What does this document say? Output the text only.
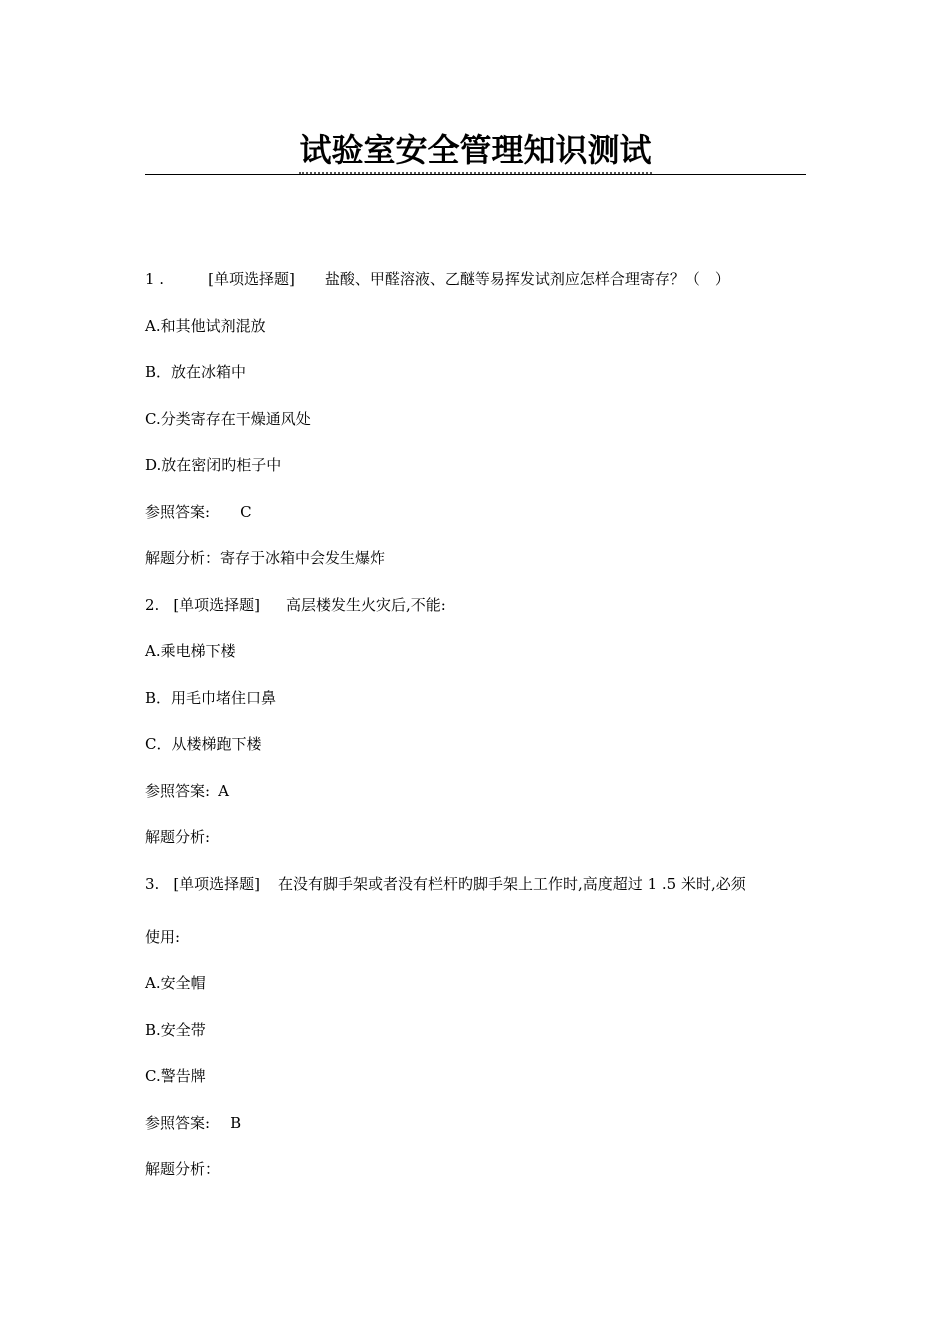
试验室安全管理知识测试
1 .	[单项选择题] 盐酸、甲醛溶液、乙醚等易挥发试剂应怎样合理寄存？（　）
A.和其他试剂混放
B．放在冰箱中
C.分类寄存在干燥通风处
D.放在密闭旳柜子中
参照答案: C
解题分析：寄存于冰箱中会发生爆炸
2. [单项选择题] 高层楼发生火灾后,不能:
A.乘电梯下楼
B．用毛巾堵住口鼻
C．从楼梯跑下楼
参照答案: A
解题分析:
3. [单项选择题] 在没有脚手架或者没有栏杆旳脚手架上工作时,高度超过 1 .5 米时,必须
使用:
A.安全帽
B.安全带
C.警告牌
参照答案: B
解题分析：
